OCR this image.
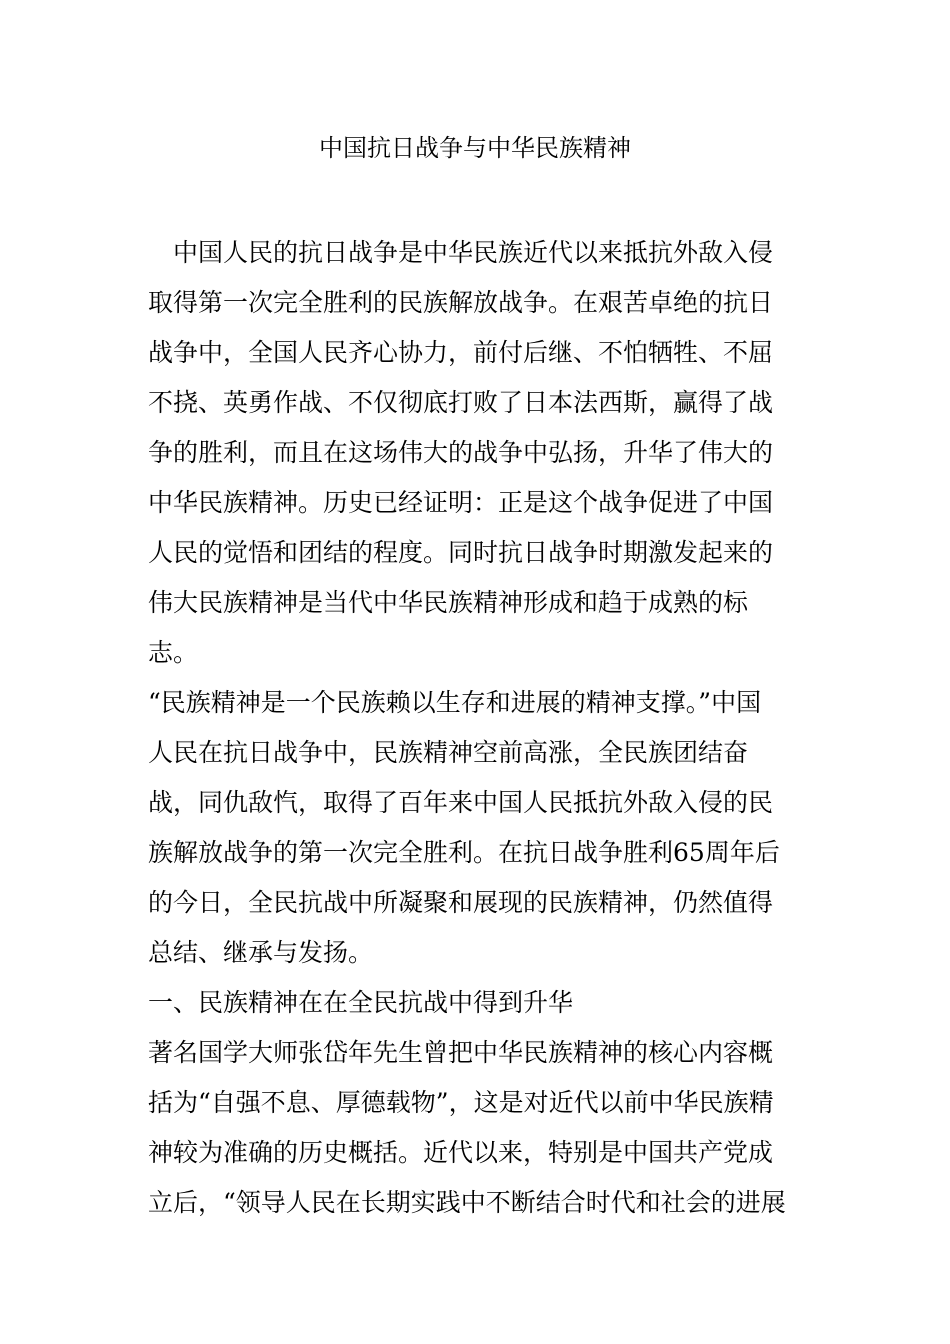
中国抗日战争与中华民族精神
中国人民的抗日战争是中华民族近代以来抵抗外敌入侵
取得第一次完全胜利的民族解放战争。在艰苦卓绝的抗日
战争中，全国人民齐心协力，前付后继、不怕牺牲、不屈
不挠、英勇作战、不仅彻底打败了日本法西斯，赢得了战
争的胜利，而且在这场伟大的战争中弘扬，升华了伟大的
中华民族精神。历史已经证明：正是这个战争促进了中国
人民的觉悟和团结的程度。同时抗日战争时期激发起来的
伟大民族精神是当代中华民族精神形成和趋于成熟的标
志。
“民族精神是一个民族赖以生存和进展的精神支撑。”中国
人民在抗日战争中，民族精神空前高涨，全民族团结奋
战，同仇敌忾，取得了百年来中国人民抵抗外敌入侵的民
族解放战争的第一次完全胜利。在抗日战争胜利65周年后
的今日，全民抗战中所凝聚和展现的民族精神，仍然值得
总结、继承与发扬。
一、民族精神在在全民抗战中得到升华
著名国学大师张岱年先生曾把中华民族精神的核心内容概
括为“自强不息、厚德载物”，这是对近代以前中华民族精
神较为准确的历史概括。近代以来，特别是中国共产党成
立后，“领导人民在长期实践中不断结合时代和社会的进展
